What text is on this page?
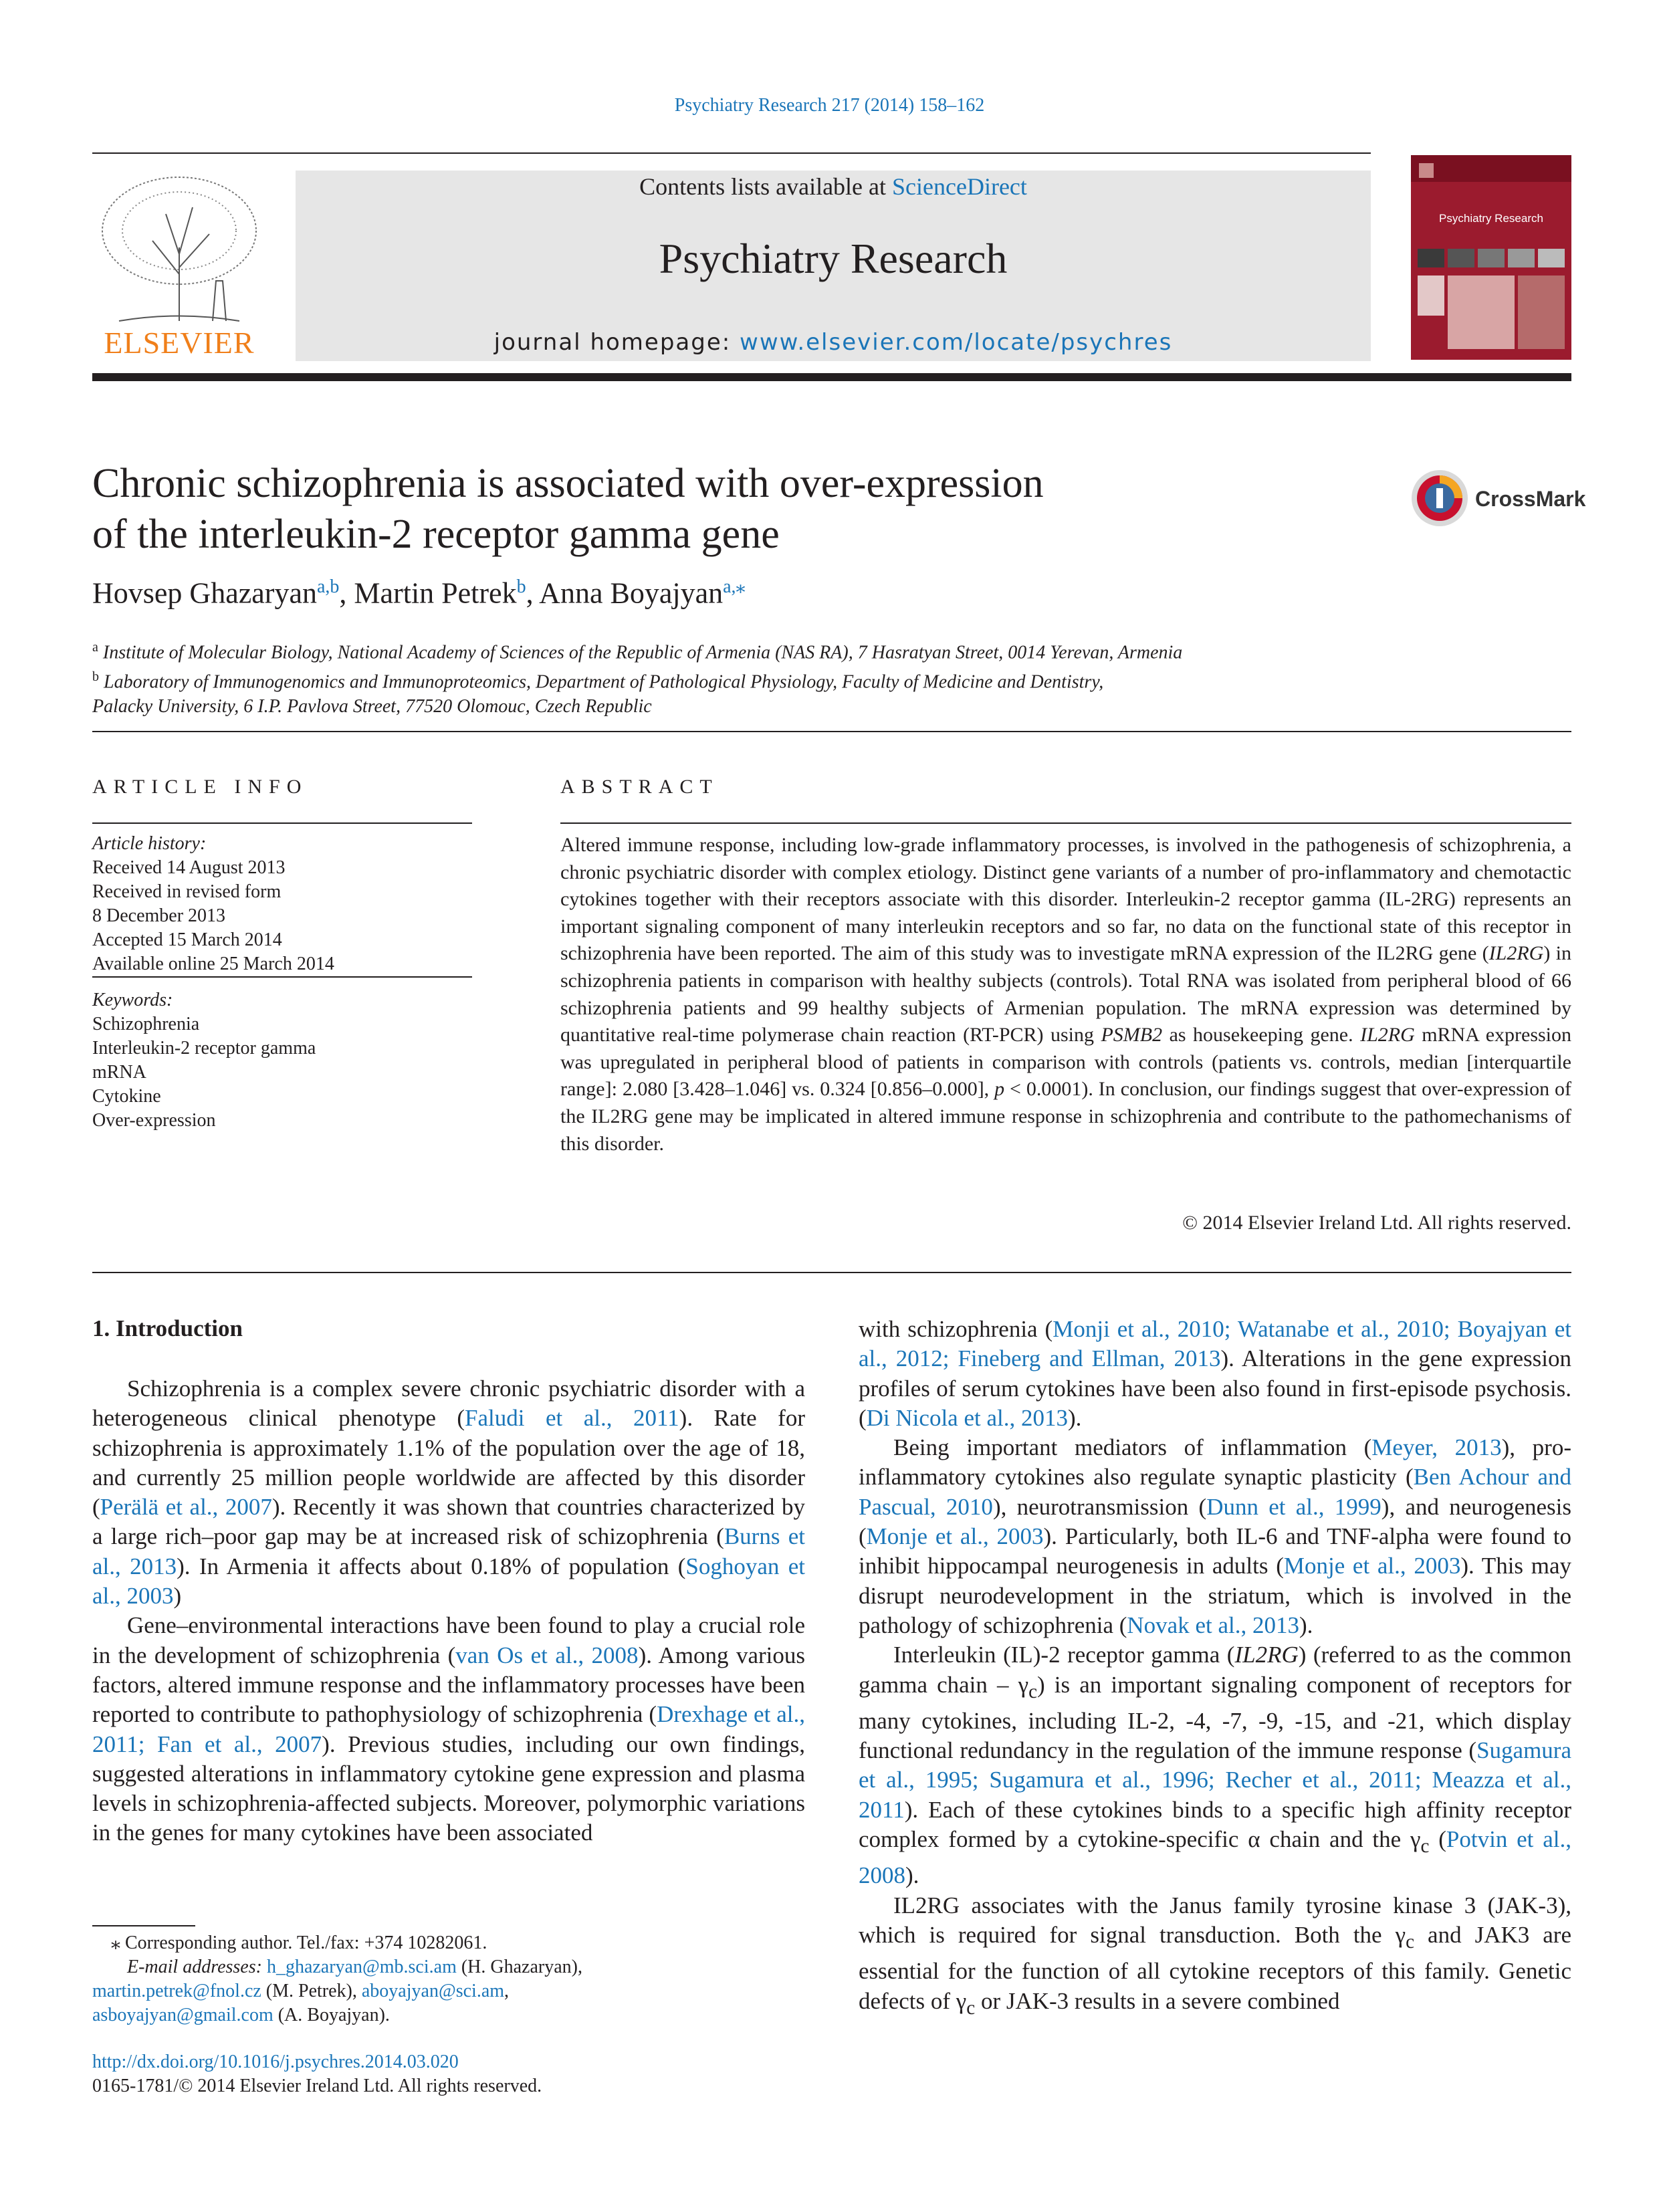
Psychiatry Research 217 (2014) 158–162
ELSEVIER
Contents lists available at ScienceDirect
Psychiatry Research
journal homepage: www.elsevier.com/locate/psychres
Psychiatry Research
Chronic schizophrenia is associated with over-expression
of the interleukin-2 receptor gamma gene
CrossMark
Hovsep Ghazaryan$^{a,b}$, Martin Petrek$^b$, Anna Boyajyan$^{a,⁎}$
$^a$ Institute of Molecular Biology, National Academy of Sciences of the Republic of Armenia (NAS RA), 7 Hasratyan Street, 0014 Yerevan, Armenia
$^b$ Laboratory of Immunogenomics and Immunoproteomics, Department of Pathological Physiology, Faculty of Medicine and Dentistry,
Palacky University, 6 I.P. Pavlova Street, 77520 Olomouc, Czech Republic
ARTICLE INFO
Article history:
Received 14 August 2013
Received in revised form
8 December 2013
Accepted 15 March 2014
Available online 25 March 2014
Keywords:
Schizophrenia
Interleukin-2 receptor gamma
mRNA
Cytokine
Over-expression
ABSTRACT
Altered immune response, including low-grade inflammatory processes, is involved in the pathogenesis of schizophrenia, a chronic psychiatric disorder with complex etiology. Distinct gene variants of a number of pro-inflammatory and chemotactic cytokines together with their receptors associate with this disorder. Interleukin-2 receptor gamma (IL-2RG) represents an important signaling component of many interleukin receptors and so far, no data on the functional state of this receptor in schizophrenia have been reported. The aim of this study was to investigate mRNA expression of the IL2RG gene (IL2RG) in schizophrenia patients in comparison with healthy subjects (controls). Total RNA was isolated from peripheral blood of 66 schizophrenia patients and 99 healthy subjects of Armenian population. The mRNA expression was determined by quantitative real-time polymerase chain reaction (RT-PCR) using PSMB2 as housekeeping gene. IL2RG mRNA expression was upregulated in peripheral blood of patients in comparison with controls (patients vs. controls, median [interquartile range]: 2.080 [3.428–1.046] vs. 0.324 [0.856–0.000], p < 0.0001). In conclusion, our findings suggest that over-expression of the IL2RG gene may be implicated in altered immune response in schizophrenia and contribute to the pathomechanisms of this disorder.
© 2014 Elsevier Ireland Ltd. All rights reserved.
1. Introduction

Schizophrenia is a complex severe chronic psychiatric disorder with a heterogeneous clinical phenotype (Faludi et al., 2011). Rate for schizophrenia is approximately 1.1% of the population over the age of 18, and currently 25 million people worldwide are affected by this disorder (Perälä et al., 2007). Recently it was shown that countries characterized by a large rich–poor gap may be at increased risk of schizophrenia (Burns et al., 2013). In Armenia it affects about 0.18% of population (Soghoyan et al., 2003)

Gene–environmental interactions have been found to play a crucial role in the development of schizophrenia (van Os et al., 2008). Among various factors, altered immune response and the inflammatory processes have been reported to contribute to pathophysiology of schizophrenia (Drexhage et al., 2011; Fan et al., 2007). Previous studies, including our own findings, suggested alterations in inflammatory cytokine gene expression and plasma levels in schizophrenia-affected subjects. Moreover, polymorphic variations in the genes for many cytokines have been associated

with schizophrenia (Monji et al., 2010; Watanabe et al., 2010; Boyajyan et al., 2012; Fineberg and Ellman, 2013). Alterations in the gene expression profiles of serum cytokines have been also found in first-episode psychosis. (Di Nicola et al., 2013).

Being important mediators of inflammation (Meyer, 2013), pro-inflammatory cytokines also regulate synaptic plasticity (Ben Achour and Pascual, 2010), neurotransmission (Dunn et al., 1999), and neurogenesis (Monje et al., 2003). Particularly, both IL-6 and TNF-alpha were found to inhibit hippocampal neurogenesis in adults (Monje et al., 2003). This may disrupt neurodevelopment in the striatum, which is involved in the pathology of schizophrenia (Novak et al., 2013).

Interleukin (IL)-2 receptor gamma (IL2RG) (referred to as the common gamma chain – $\gamma_c$) is an important signaling component of receptors for many cytokines, including IL-2, -4, -7, -9, -15, and -21, which display functional redundancy in the regulation of the immune response (Sugamura et al., 1995; Sugamura et al., 1996; Recher et al., 2011; Meazza et al., 2011). Each of these cytokines binds to a specific high affinity receptor complex formed by a cytokine-specific α chain and the $\gamma_c$ (Potvin et al., 2008).

IL2RG associates with the Janus family tyrosine kinase 3 (JAK-3), which is required for signal transduction. Both the $\gamma_c$ and JAK3 are essential for the function of all cytokine receptors of this family. Genetic defects of $\gamma_c$ or JAK-3 results in a severe combined

⁎ Corresponding author. Tel./fax: +374 10282061.
E-mail addresses: h_ghazaryan@mb.sci.am (H. Ghazaryan),
martin.petrek@fnol.cz (M. Petrek), aboyajyan@sci.am,
asboyajyan@gmail.com (A. Boyajyan).
http://dx.doi.org/10.1016/j.psychres.2014.03.020
0165-1781/© 2014 Elsevier Ireland Ltd. All rights reserved.
